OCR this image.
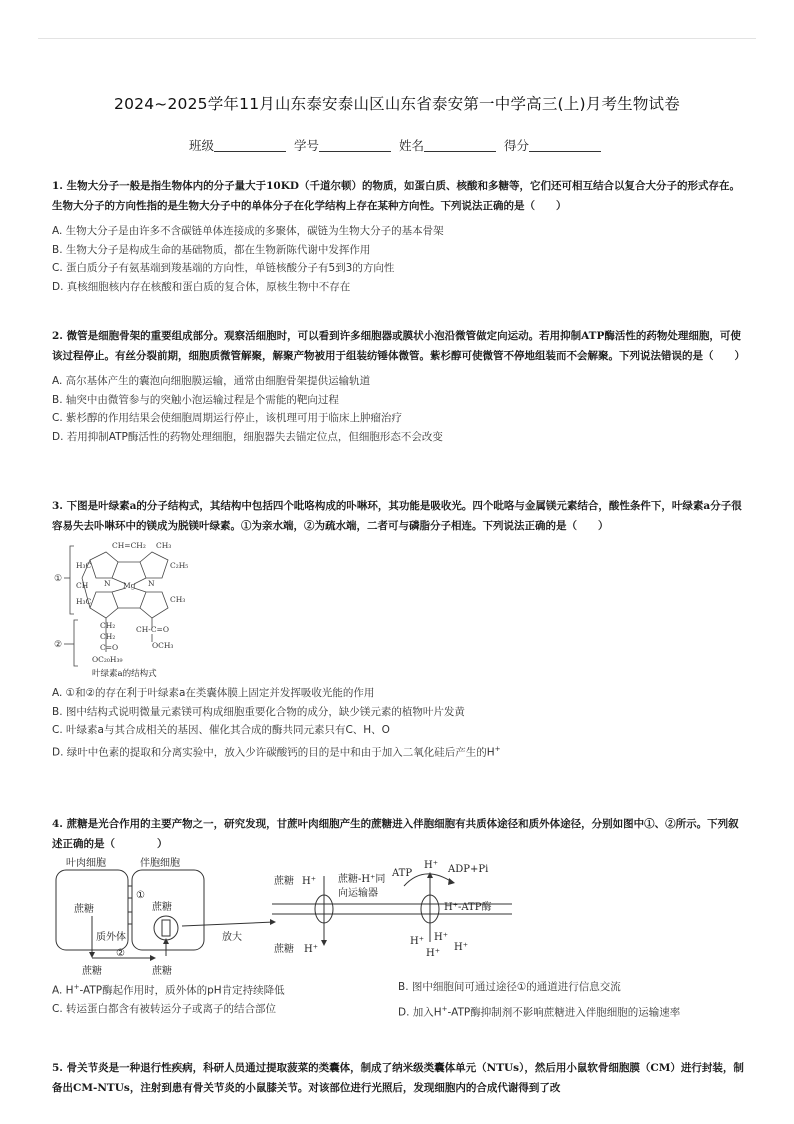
2024~2025学年11月山东泰安泰山区山东省泰安第一中学高三(上)月考生物试卷
班级	学号	姓名	得分

1. 生物大分子一般是指生物体内的分子量大于10KD（千道尔顿）的物质，如蛋白质、核酸和多糖等，它们还可相互结合以复合大分子的形式存在。生物大分子的方向性指的是生物大分子中的单体分子在化学结构上存在某种方向性。下列说法正确的是（　　）

A. 生物大分子是由许多不含碳链单体连接成的多聚体，碳链为生物大分子的基本骨架

B. 生物大分子是构成生命的基础物质，都在生物新陈代谢中发挥作用

C. 蛋白质分子有氨基端到羧基端的方向性，单链核酸分子有5到3的方向性

D. 真核细胞核内存在核酸和蛋白质的复合体，原核生物中不存在

2. 微管是细胞骨架的重要组成部分。观察活细胞时，可以看到许多细胞器或膜状小泡沿微管做定向运动。若用抑制ATP酶活性的药物处理细胞，可使该过程停止。有丝分裂前期，细胞质微管解聚，解聚产物被用于组装纺锤体微管。紫杉醇可使微管不停地组装而不会解聚。下列说法错误的是（　　）

A. 高尔基体产生的囊泡向细胞膜运输，通常由细胞骨架提供运输轨道

B. 轴突中由微管参与的突触小泡运输过程是个需能的靶向过程

C. 紫杉醇的作用结果会使细胞周期运行停止，该机理可用于临床上肿瘤治疗

D. 若用抑制ATP酶活性的药物处理细胞，细胞器失去锚定位点，但细胞形态不会改变

3. 下图是叶绿素a的分子结构式，其结构中包括四个吡咯构成的卟啉环，其功能是吸收光。四个吡咯与金属镁元素结合，酸性条件下，叶绿素a分子很容易失去卟啉环中的镁成为脱镁叶绿素。①为亲水端，②为疏水端，二者可与磷脂分子相连。下列说法正确的是（　　）

CH=CH₂ CH₃
H₃C	C₂H₅
Mg
N	N
CH
H₃C	CH₃
CH₂
CH₂
CH-C=O
C=O	OCH₃
OC₂₀H₃₉
①
②
叶绿素a的结构式

A. ①和②的存在利于叶绿素a在类囊体膜上固定并发挥吸收光能的作用

B. 图中结构式说明微量元素镁可构成细胞重要化合物的成分，缺少镁元素的植物叶片发黄

C. 叶绿素a与其合成相关的基因、催化其合成的酶共同元素只有C、H、O

D. 绿叶中色素的提取和分离实验中，放入少许碳酸钙的目的是中和由于加入二氧化硅后产生的H+

4. 蔗糖是光合作用的主要产物之一，研究发现，甘蔗叶肉细胞产生的蔗糖进入伴胞细胞有共质体途径和质外体途径，分别如图中①、②所示。下列叙述正确的是（　　　　）

叶肉细胞	伴胞细胞
①
蔗糖	蔗糖
质外体
②
蔗糖	蔗糖
放大
蔗糖 H⁺ 蔗糖-H⁺同
向运输器
蔗糖 H⁺
ATP
H⁺ ADP+Pi
H⁺-ATP酶
H⁺ H⁺
H⁺
H⁺

A. H+-ATP酶起作用时，质外体的pH肯定持续降低	B. 图中细胞间可通过途径①的通道进行信息交流

C. 转运蛋白都含有被转运分子或离子的结合部位	D. 加入H+-ATP酶抑制剂不影响蔗糖进入伴胞细胞的运输速率

5. 骨关节炎是一种退行性疾病，科研人员通过提取菠菜的类囊体，制成了纳米级类囊体单元（NTUs），然后用小鼠软骨细胞膜（CM）进行封装，制备出CM-NTUs，注射到患有骨关节炎的小鼠膝关节。对该部位进行光照后，发现细胞内的合成代谢得到了改
